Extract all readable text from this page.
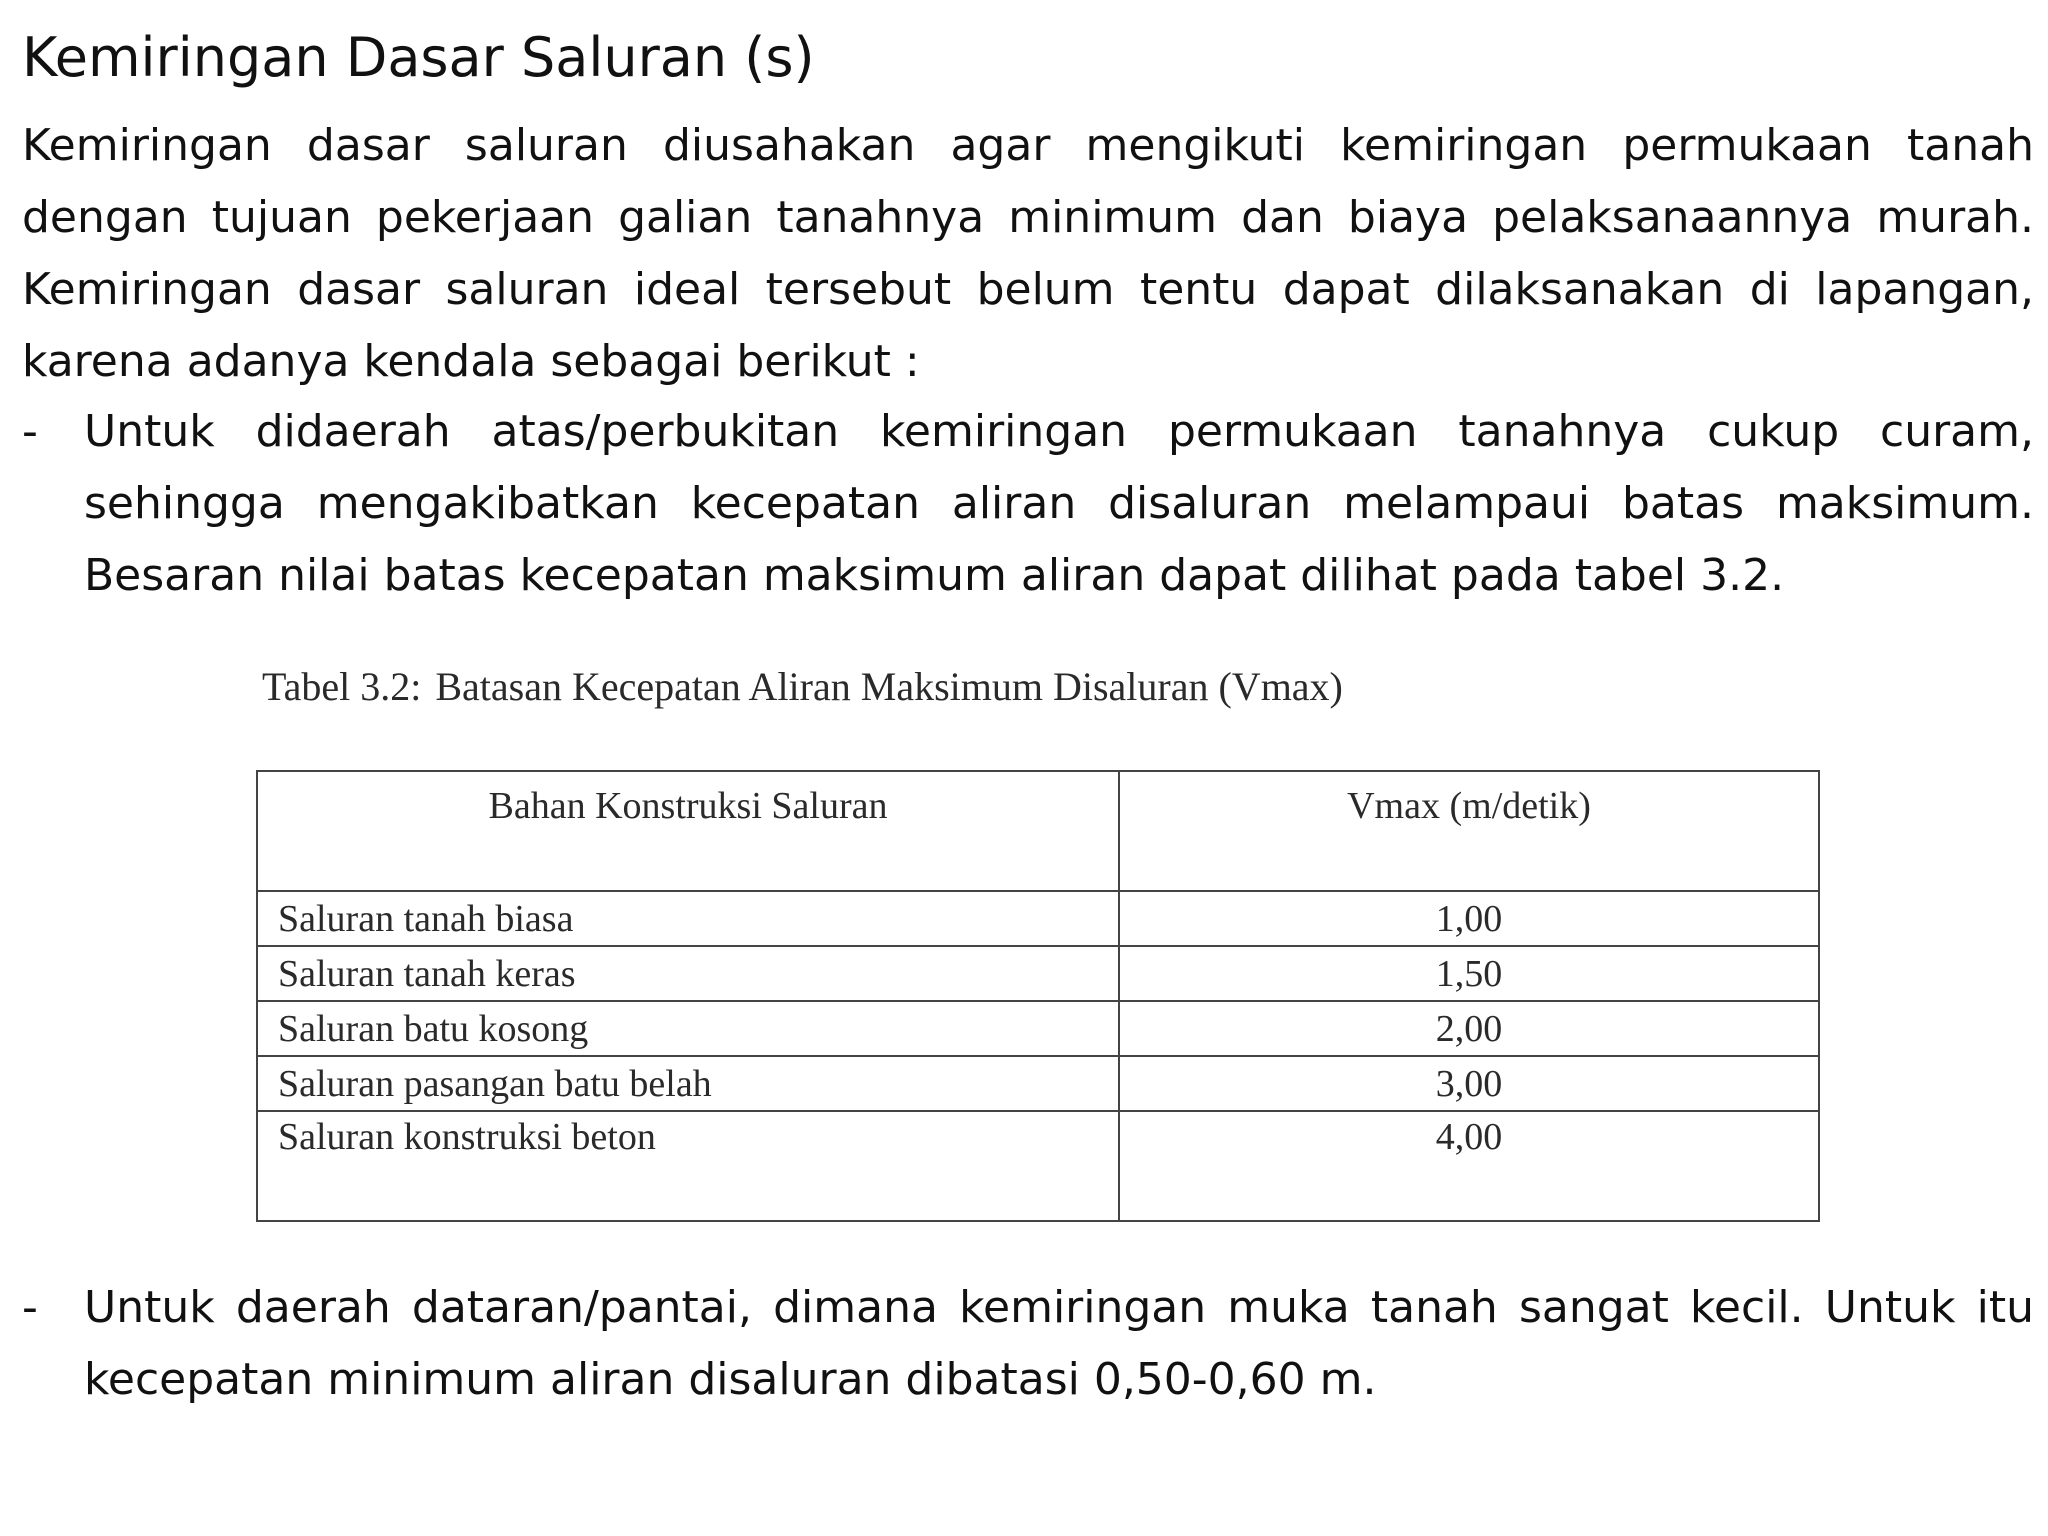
Kemiringan Dasar Saluran (s)

Kemiringan dasar saluran diusahakan agar mengikuti kemiringan permukaan tanah dengan tujuan pekerjaan galian tanahnya minimum dan biaya pelaksanaannya murah. Kemiringan dasar saluran ideal tersebut belum tentu dapat dilaksanakan di lapangan, karena adanya kendala sebagai berikut :

-	Untuk didaerah atas/perbukitan kemiringan permukaan tanahnya cukup curam, sehingga mengakibatkan kecepatan aliran disaluran melampaui batas maksimum. Besaran nilai batas kecepatan maksimum aliran dapat dilihat pada tabel 3.2.
Tabel 3.2: Batasan Kecepatan Aliran Maksimum Disaluran (Vmax)
Bahan Konstruksi Saluran	Vmax (m/detik)
Saluran tanah biasa	1,00
Saluran tanah keras	1,50
Saluran batu kosong	2,00
Saluran pasangan batu belah	3,00
Saluran konstruksi beton	4,00
-	Untuk daerah dataran/pantai, dimana kemiringan muka tanah sangat kecil. Untuk itu kecepatan minimum aliran disaluran dibatasi 0,50-0,60 m.
